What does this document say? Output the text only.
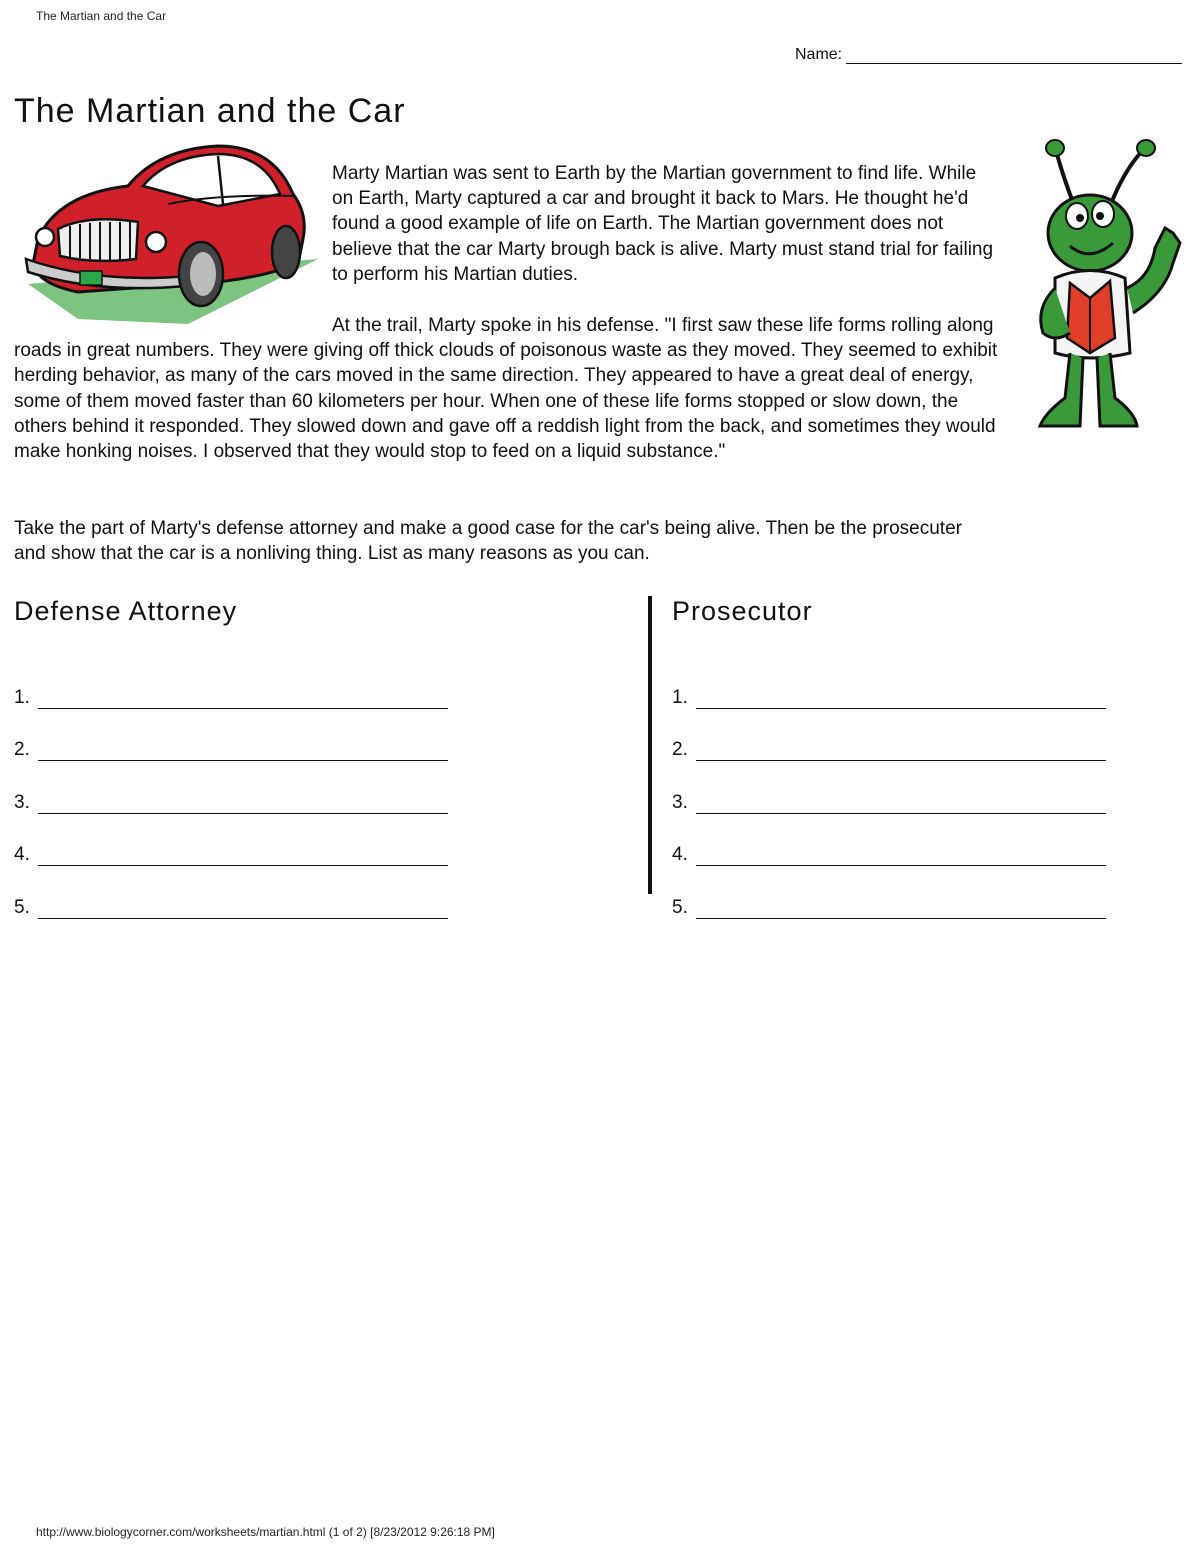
The Martian and the Car
Name:
The Martian and the Car

Marty Martian was sent to Earth by the Martian government to find life. While on Earth, Marty captured a car and brought it back to Mars. He thought he'd found a good example of life on Earth. The Martian government does not believe that the car Marty brough back is alive. Marty must stand trial for failing to perform his Martian duties.

At the trail, Marty spoke in his defense. "I first saw these life forms rolling along roads in great numbers. They were giving off thick clouds of poisonous waste as they moved. They seemed to exhibit herding behavior, as many of the cars moved in the same direction. They appeared to have a great deal of energy, some of them moved faster than 60 kilometers per hour. When one of these life forms stopped or slow down, the others behind it responded. They slowed down and gave off a reddish light from the back, and sometimes they would make honking noises. I observed that they would stop to feed on a liquid substance."

Take the part of Marty's defense attorney and make a good case for the car's being alive. Then be the prosecuter and show that the car is a nonliving thing. List as many reasons as you can.

Defense Attorney	Prosecutor
1.
2.
3.
4.
5.
1.
2.
3.
4.
5.
http://www.biologycorner.com/worksheets/martian.html (1 of 2) [8/23/2012 9:26:18 PM]
